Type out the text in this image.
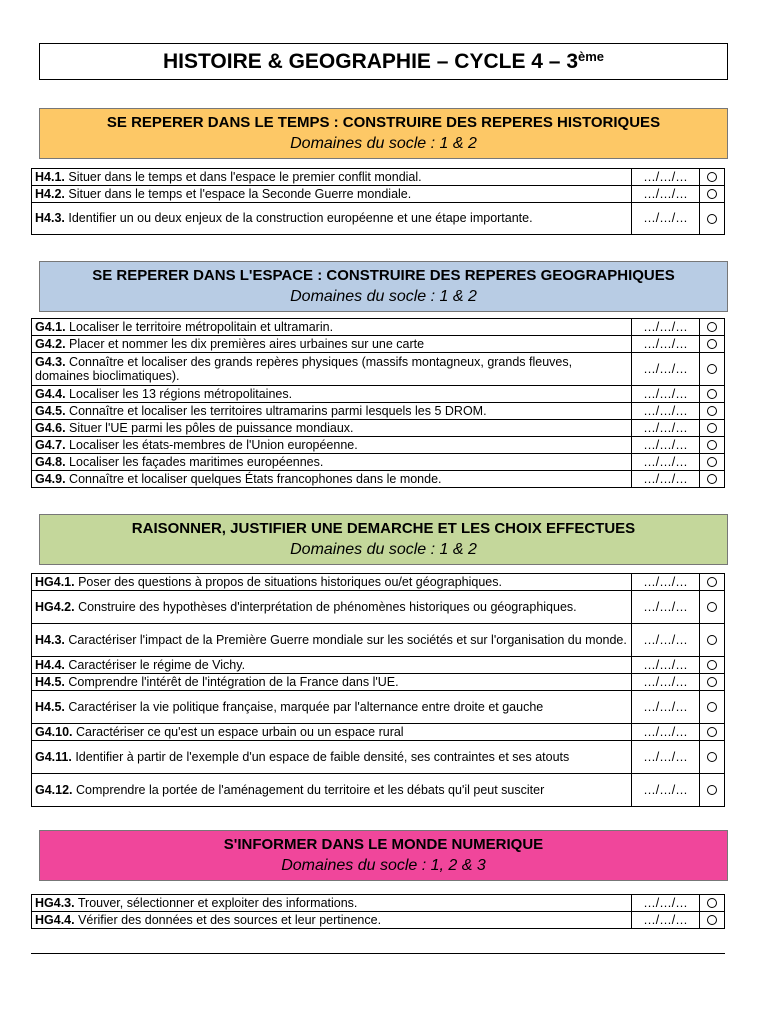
HISTOIRE & GEOGRAPHIE – CYCLE 4 – 3ème
SE REPERER DANS LE TEMPS : CONSTRUIRE DES REPERES HISTORIQUES
Domaines du socle : 1 & 2
H4.1. Situer dans le temps et dans l'espace le premier conflit mondial.	…/…/…	
H4.2. Situer dans le temps et l'espace la Seconde Guerre mondiale.	…/…/…	
H4.3. Identifier un ou deux enjeux de la construction européenne et une étape importante.	…/…/…	
SE REPERER DANS L'ESPACE : CONSTRUIRE DES REPERES GEOGRAPHIQUES
Domaines du socle : 1 & 2
G4.1. Localiser le territoire métropolitain et ultramarin.	…/…/…	
G4.2. Placer et nommer les dix premières aires urbaines sur une carte	…/…/…	
G4.3. Connaître et localiser des grands repères physiques (massifs montagneux, grands fleuves, domaines bioclimatiques).	…/…/…	
G4.4. Localiser les 13 régions métropolitaines.	…/…/…	
G4.5. Connaître et localiser les territoires ultramarins parmi lesquels les 5 DROM.	…/…/…	
G4.6. Situer l'UE parmi les pôles de puissance mondiaux.	…/…/…	
G4.7. Localiser les états-membres de l'Union européenne.	…/…/…	
G4.8. Localiser les façades maritimes européennes.	…/…/…	
G4.9. Connaître et localiser quelques États francophones dans le monde.	…/…/…	
RAISONNER, JUSTIFIER UNE DEMARCHE ET LES CHOIX EFFECTUES
Domaines du socle : 1 & 2
HG4.1. Poser des questions à propos de situations historiques ou/et géographiques.	…/…/…	
HG4.2. Construire des hypothèses d'interprétation de phénomènes historiques ou géographiques.	…/…/…	
H4.3. Caractériser l'impact de la Première Guerre mondiale sur les sociétés et sur l'organisation du monde.	…/…/…	
H4.4. Caractériser le régime de Vichy.	…/…/…	
H4.5. Comprendre l'intérêt de l'intégration de la France dans l'UE.	…/…/…	
H4.5. Caractériser la vie politique française, marquée par l'alternance entre droite et gauche	…/…/…	
G4.10. Caractériser ce qu'est un espace urbain ou un espace rural	…/…/…	
G4.11. Identifier à partir de l'exemple d'un espace de faible densité, ses contraintes et ses atouts	…/…/…	
G4.12. Comprendre la portée de l'aménagement du territoire et les débats qu'il peut susciter	…/…/…	
S'INFORMER DANS LE MONDE NUMERIQUE
Domaines du socle : 1, 2 & 3
HG4.3. Trouver, sélectionner et exploiter des informations.	…/…/…	
HG4.4. Vérifier des données et des sources et leur pertinence.	…/…/…	
